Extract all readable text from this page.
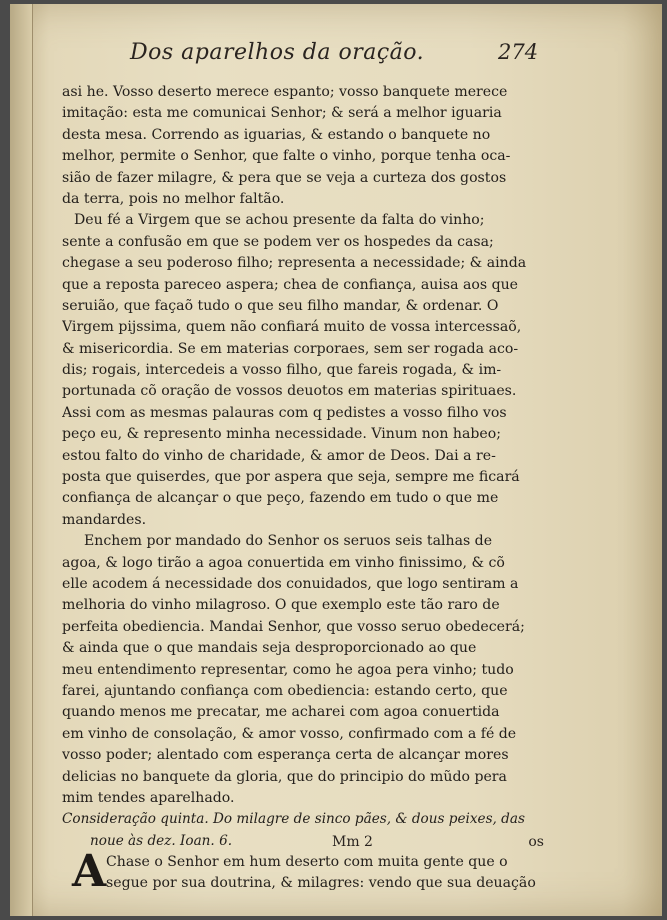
Dos aparelhos da oração.	274
asi he. Vosso deserto merece espanto; vosso banquete merece
imitação: esta me comunicai Senhor; & será a melhor iguaria
desta mesa. Correndo as iguarias, & estando o banquete no
melhor, permite o Senhor, que falte o vinho, porque tenha oca-
sião de fazer milagre, & pera que se veja a curteza dos gostos
da terra, pois no melhor faltão.
Deu fé a Virgem que se achou presente da falta do vinho;
sente a confusão em que se podem ver os hospedes da casa;
chegase a seu poderoso filho; representa a necessidade; & ainda
que a reposta pareceo aspera; chea de confiança, auisa aos que
seruião, que façaõ tudo o que seu filho mandar, & ordenar. O
Virgem pijssima, quem não confiará muito de vossa intercessaõ,
& misericordia. Se em materias corporaes, sem ser rogada aco-
dis; rogais, intercedeis a vosso filho, que fareis rogada, & im-
portunada cõ oração de vossos deuotos em materias spirituaes.
Assi com as mesmas palauras com q pedistes a vosso filho vos
peço eu, & represento minha necessidade. Vinum non habeo;
estou falto do vinho de charidade, & amor de Deos. Dai a re-
posta que quiserdes, que por aspera que seja, sempre me ficará
confiança de alcançar o que peço, fazendo em tudo o que me
mandardes.
Enchem por mandado do Senhor os seruos seis talhas de
agoa, & logo tirão a agoa conuertida em vinho finissimo, & cõ
elle acodem á necessidade dos conuidados, que logo sentiram a
melhoria do vinho milagroso. O que exemplo este tão raro de
perfeita obediencia. Mandai Senhor, que vosso seruo obedecerá;
& ainda que o que mandais seja desproporcionado ao que
meu entendimento representar, como he agoa pera vinho; tudo
farei, ajuntando confiança com obediencia: estando certo, que
quando menos me precatar, me acharei com agoa conuertida
em vinho de consolação, & amor vosso, confirmado com a fé de
vosso poder; alentado com esperança certa de alcançar mores
delicias no banquete da gloria, que do principio do mũdo pera
mim tendes aparelhado.
Consideração quinta. Do milagre de sinco pães, & dous peixes, das
noue às dez. Ioan. 6.
A Chase o Senhor em hum deserto com muita gente que o
segue por sua doutrina, & milagres: vendo que sua deuação
Mm 2	os
